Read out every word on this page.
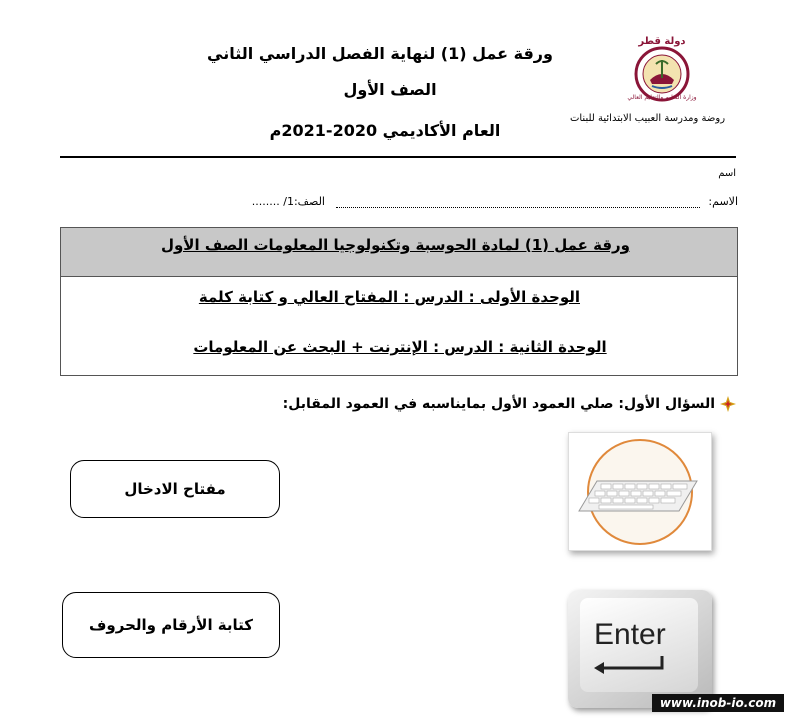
دولة قطر
وزارة التعليم والتعليم العالي
روضة ومدرسة العبيب الابتدائية للبنات
ورقة عمل (1) لنهاية الفصل الدراسي الثاني
الصف الأول
العام الأكاديمي 2020-2021م
اسم
الاسم:
الصف:1/ ........
ورقة عمل (1) لمادة الحوسبة وتكنولوجيا المعلومات الصف الأول
الوحدة الأولى : الدرس : المفتاح العالي و كتابة كلمة
الوحدة الثانية : الدرس : الإنترنت + البحث عن المعلومات
السؤال الأول: صلي العمود الأول بمايناسبه في العمود المقابل:
مفتاح الادخال
كتابة الأرقام والحروف	Enter
www.inob-io.com
